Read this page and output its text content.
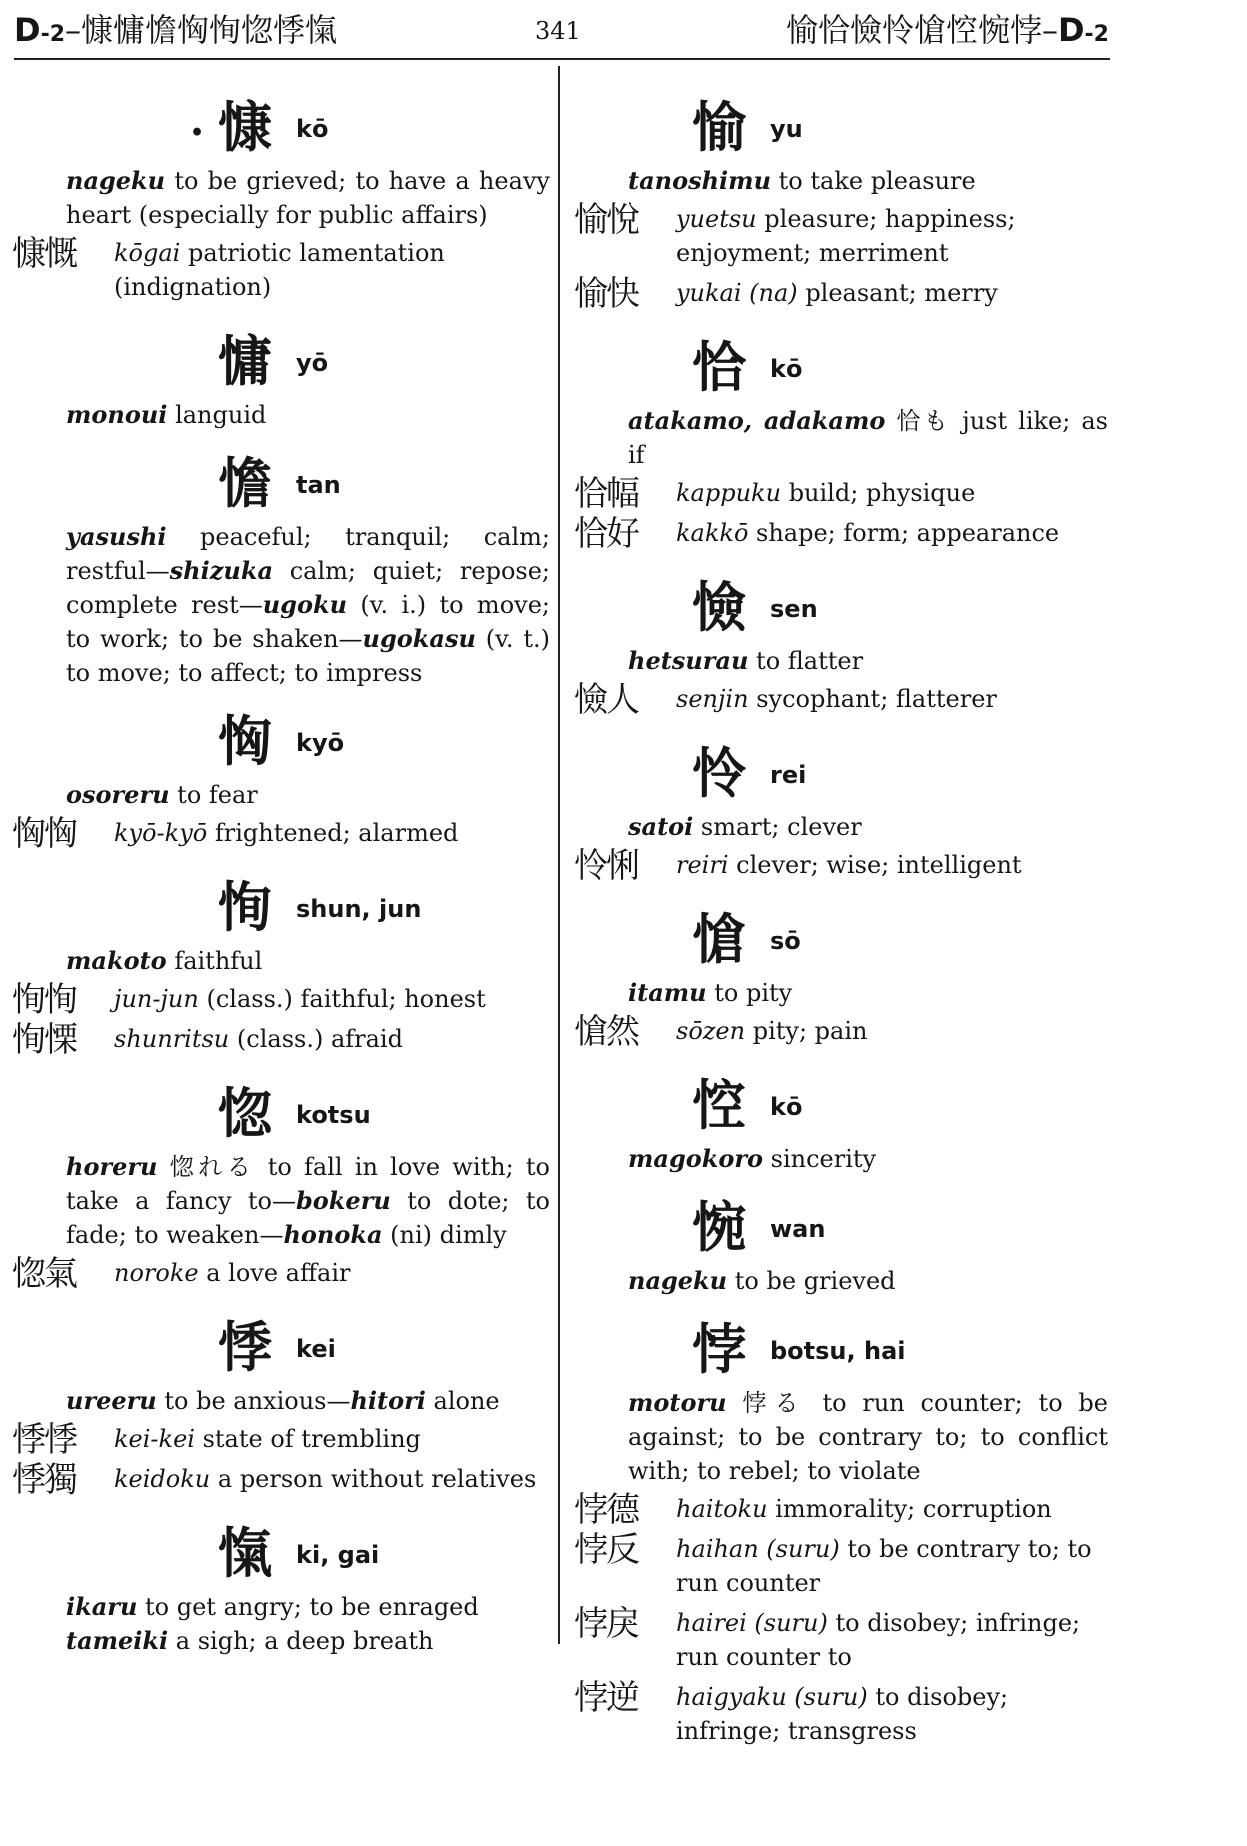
D-2–慷慵憺恟恂惚悸愾	341	愉恰憸怜愴悾惋悖–D-2
• 慷 kō

nageku to be grieved; to have a heavy heart (especially for public affairs)

慷慨 kōgai patriotic lamentation (indignation)
慵 yō

monoui languid

憺 tan

yasushi peaceful; tranquil; calm; restful—shizuka calm; quiet; repose; complete rest—ugoku (v. i.) to move; to work; to be shaken—ugokasu (v. t.) to move; to affect; to impress

恟 kyō

osoreru to fear

恟恟 kyō-kyō frightened; alarmed
恂 shun, jun

makoto faithful

恂恂 jun-jun (class.) faithful; honest
恂慄 shunritsu (class.) afraid
惚 kotsu

horeru 惚れる to fall in love with; to take a fancy to—bokeru to dote; to fade; to weaken—honoka (ni) dimly

惚氣 noroke a love affair
悸 kei

ureeru to be anxious—hitori alone

悸悸 kei-kei state of trembling
悸獨 keidoku a person without relatives
愾 ki, gai

ikaru to get angry; to be enraged

tameiki a sigh; a deep breath

愉 yu

tanoshimu to take pleasure

愉悅 yuetsu pleasure; happiness; enjoyment; merriment
愉快 yukai (na) pleasant; merry
恰 kō

atakamo, adakamo 恰も just like; as if

恰幅 kappuku build; physique
恰好 kakkō shape; form; appearance
憸 sen

hetsurau to flatter

憸人 senjin sycophant; flatterer
怜 rei

satoi smart; clever

怜悧 reiri clever; wise; intelligent
愴 sō

itamu to pity

愴然 sōzen pity; pain
悾 kō

magokoro sincerity

惋 wan

nageku to be grieved

悖 botsu, hai

motoru 悖る to run counter; to be against; to be contrary to; to conflict with; to rebel; to violate

悖德 haitoku immorality; corruption
悖反 haihan (suru) to be contrary to; to run counter
悖戾 hairei (suru) to disobey; infringe; run counter to
悖逆 haigyaku (suru) to disobey; infringe; transgress
